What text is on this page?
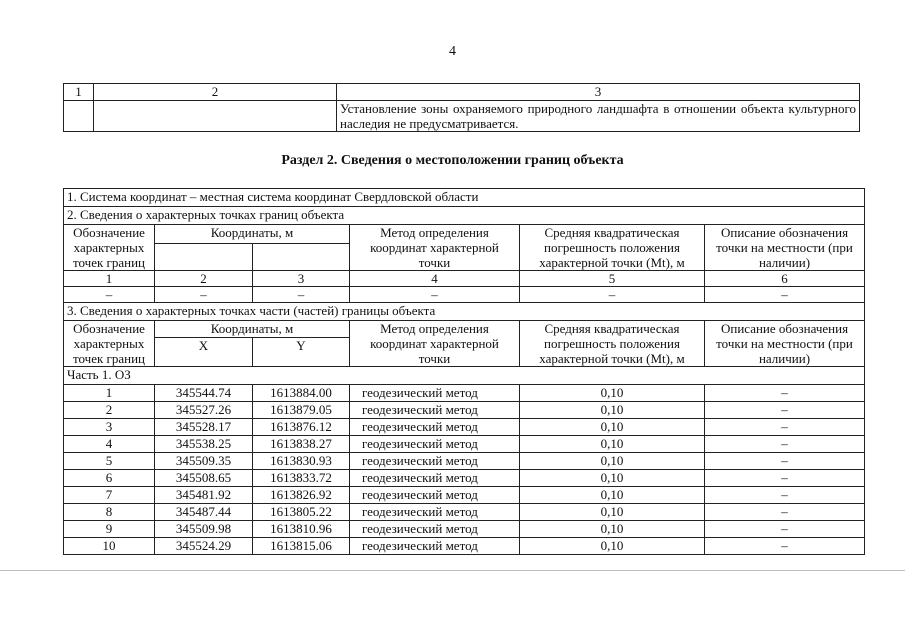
4
1	2	3
		Установление зоны охраняемого природного ландшафта в отношении объекта культурного наследия не предусматривается.
Раздел 2. Сведения о местоположении границ объекта
1. Система координат – местная система координат Свердловской области					
2. Сведения о характерных точках границ объекта					
Обозначение характерных точек границ	Координаты, м		Метод определения координат характерной точки	Средняя квадратическая погрешность положения характерной точки (Mt), м	Описание обозначения точки на местности (при наличии)

1	2	3	4	5	6
–	–	–	–	–	–
3. Сведения о характерных точках части (частей) границы объекта					
Обозначение характерных точек границ	Координаты, м		Метод определения координат характерной точки	Средняя квадратическая погрешность положения характерной точки (Mt), м	Описание обозначения точки на местности (при наличии)
	X	Y			
Часть 1. ОЗ					
1	345544.74	1613884.00	геодезический метод	0,10	–
2	345527.26	1613879.05	геодезический метод	0,10	–
3	345528.17	1613876.12	геодезический метод	0,10	–
4	345538.25	1613838.27	геодезический метод	0,10	–
5	345509.35	1613830.93	геодезический метод	0,10	–
6	345508.65	1613833.72	геодезический метод	0,10	–
7	345481.92	1613826.92	геодезический метод	0,10	–
8	345487.44	1613805.22	геодезический метод	0,10	–
9	345509.98	1613810.96	геодезический метод	0,10	–
10	345524.29	1613815.06	геодезический метод	0,10	–
